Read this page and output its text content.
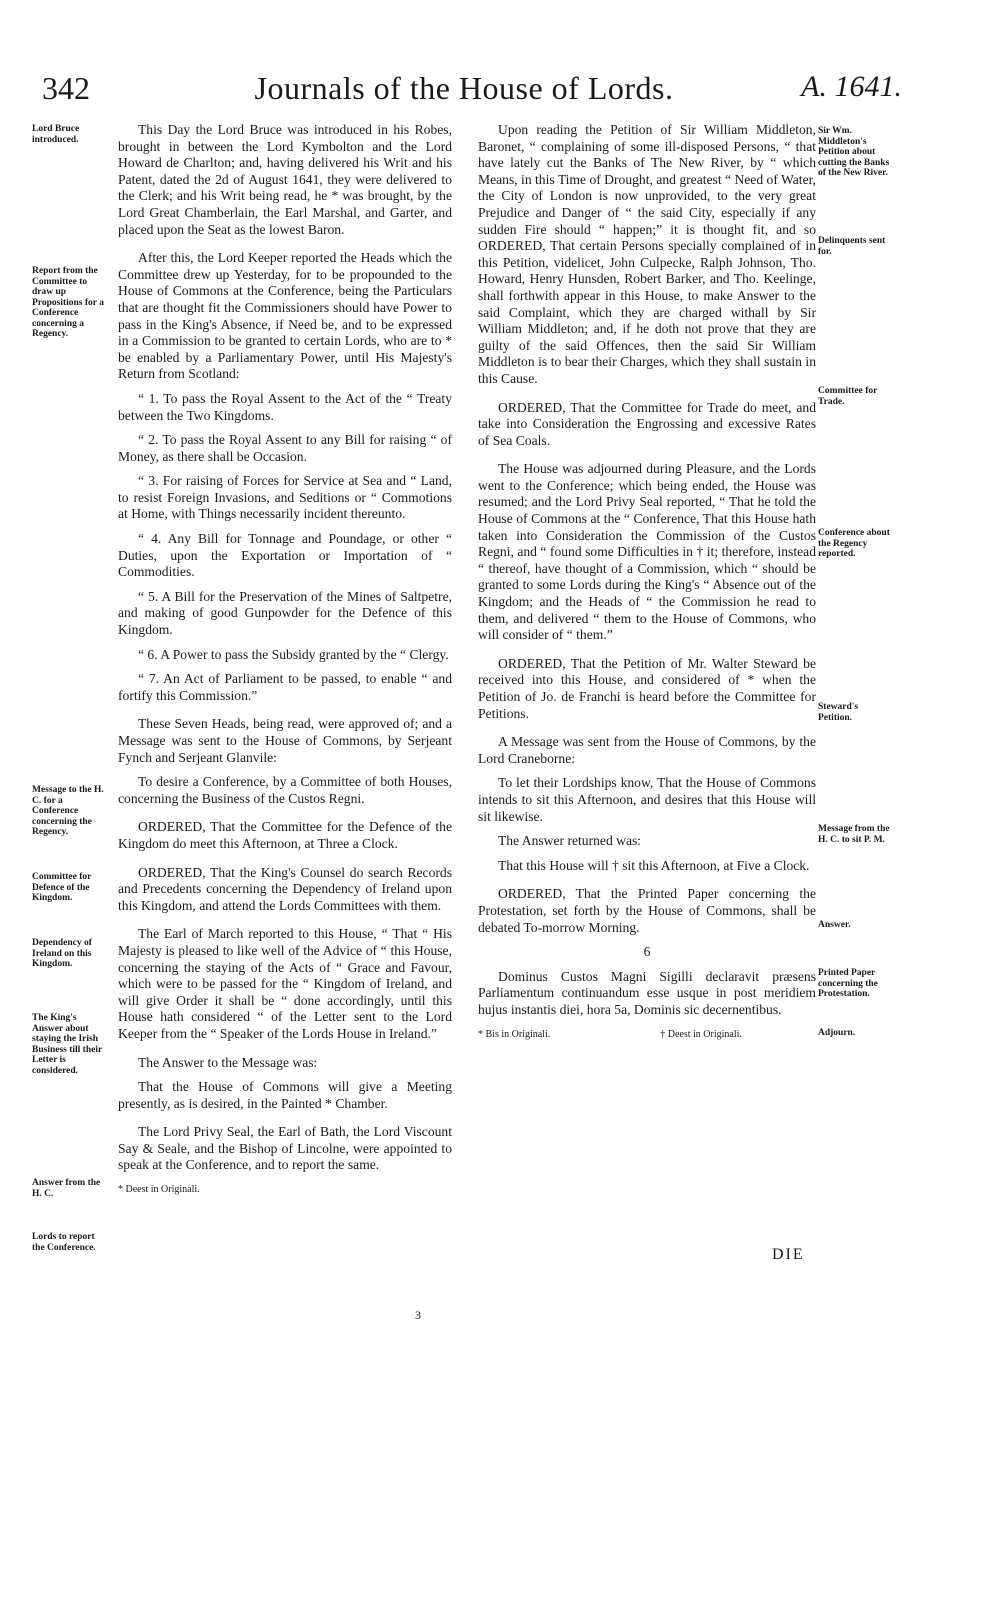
342	Journals of the House of Lords.	A. 1641.
Lord Bruce introduced.
Report from the Committee to draw up Propositions for a Conference concerning a Regency.
Message to the H. C. for a Conference concerning the Regency.
Committee for Defence of the Kingdom.
Dependency of Ireland on this Kingdom.
The King's Answer about staying the Irish Business till their Letter is considered.
Answer from the H. C.
Lords to report the Conference.

This Day the Lord Bruce was introduced in his Robes, brought in between the Lord Kymbolton and the Lord Howard de Charlton; and, having delivered his Writ and his Patent, dated the 2d of August 1641, they were delivered to the Clerk; and his Writ being read, he * was brought, by the Lord Great Chamberlain, the Earl Marshal, and Garter, and placed upon the Seat as the lowest Baron.

After this, the Lord Keeper reported the Heads which the Committee drew up Yesterday, for to be propounded to the House of Commons at the Conference, being the Particulars that are thought fit the Commissioners should have Power to pass in the King's Absence, if Need be, and to be expressed in a Commission to be granted to certain Lords, who are to * be enabled by a Parliamentary Power, until His Majesty's Return from Scotland:

“ 1. To pass the Royal Assent to the Act of the “ Treaty between the Two Kingdoms.

“ 2. To pass the Royal Assent to any Bill for raising “ of Money, as there shall be Occasion.

“ 3. For raising of Forces for Service at Sea and “ Land, to resist Foreign Invasions, and Seditions or “ Commotions at Home, with Things necessarily incident thereunto.

“ 4. Any Bill for Tonnage and Poundage, or other “ Duties, upon the Exportation or Importation of “ Commodities.

“ 5. A Bill for the Preservation of the Mines of Saltpetre, and making of good Gunpowder for the Defence of this Kingdom.

“ 6. A Power to pass the Subsidy granted by the “ Clergy.

“ 7. An Act of Parliament to be passed, to enable “ and fortify this Commission.”

These Seven Heads, being read, were approved of; and a Message was sent to the House of Commons, by Serjeant Fynch and Serjeant Glanvile:

To desire a Conference, by a Committee of both Houses, concerning the Business of the Custos Regni.

ORDERED, That the Committee for the Defence of the Kingdom do meet this Afternoon, at Three a Clock.

ORDERED, That the King's Counsel do search Records and Precedents concerning the Dependency of Ireland upon this Kingdom, and attend the Lords Committees with them.

The Earl of March reported to this House, “ That “ His Majesty is pleased to like well of the Advice of “ this House, concerning the staying of the Acts of “ Grace and Favour, which were to be passed for the “ Kingdom of Ireland, and will give Order it shall be “ done accordingly, until this House hath considered “ of the Letter sent to the Lord Keeper from the “ Speaker of the Lords House in Ireland.”

The Answer to the Message was:

That the House of Commons will give a Meeting presently, as is desired, in the Painted * Chamber.

The Lord Privy Seal, the Earl of Bath, the Lord Viscount Say & Seale, and the Bishop of Lincolne, were appointed to speak at the Conference, and to report the same.

* Deest in Originali.

Upon reading the Petition of Sir William Middleton, Baronet, “ complaining of some ill-disposed Persons, “ that have lately cut the Banks of The New River, by “ which Means, in this Time of Drought, and greatest “ Need of Water, the City of London is now unprovided, to the very great Prejudice and Danger of “ the said City, especially if any sudden Fire should “ happen;” it is thought fit, and so ORDERED, That certain Persons specially complained of in this Petition, videlicet, John Culpecke, Ralph Johnson, Tho. Howard, Henry Hunsden, Robert Barker, and Tho. Keelinge, shall forthwith appear in this House, to make Answer to the said Complaint, which they are charged withall by Sir William Middleton; and, if he doth not prove that they are guilty of the said Offences, then the said Sir William Middleton is to bear their Charges, which they shall sustain in this Cause.

ORDERED, That the Committee for Trade do meet, and take into Consideration the Engrossing and excessive Rates of Sea Coals.

The House was adjourned during Pleasure, and the Lords went to the Conference; which being ended, the House was resumed; and the Lord Privy Seal reported, “ That he told the House of Commons at the “ Conference, That this House hath taken into Consideration the Commission of the Custos Regni, and “ found some Difficulties in † it; therefore, instead “ thereof, have thought of a Commission, which “ should be granted to some Lords during the King's “ Absence out of the Kingdom; and the Heads of “ the Commission he read to them, and delivered “ them to the House of Commons, who will consider of “ them.”

ORDERED, That the Petition of Mr. Walter Steward be received into this House, and considered of * when the Petition of Jo. de Franchi is heard before the Committee for Petitions.

A Message was sent from the House of Commons, by the Lord Craneborne:

To let their Lordships know, That the House of Commons intends to sit this Afternoon, and desires that this House will sit likewise.

The Answer returned was:

That this House will † sit this Afternoon, at Five a Clock.

ORDERED, That the Printed Paper concerning the Protestation, set forth by the House of Commons, shall be debated To-morrow Morning.

6

Dominus Custos Magni Sigilli declaravit præsens Parliamentum continuandum esse usque in post meridiem hujus instantis diei, hora 5a, Dominis sic decernentibus.

* Bis in Originali.	† Deest in Originali.

Sir Wm. Middleton's Petition about cutting the Banks of the New River.
Delinquents sent for.
Committee for Trade.
Conference about the Regency reported.
Steward's Petition.
Message from the H. C. to sit P. M.
Answer.
Printed Paper concerning the Protestation.
Adjourn.
DIE
3
